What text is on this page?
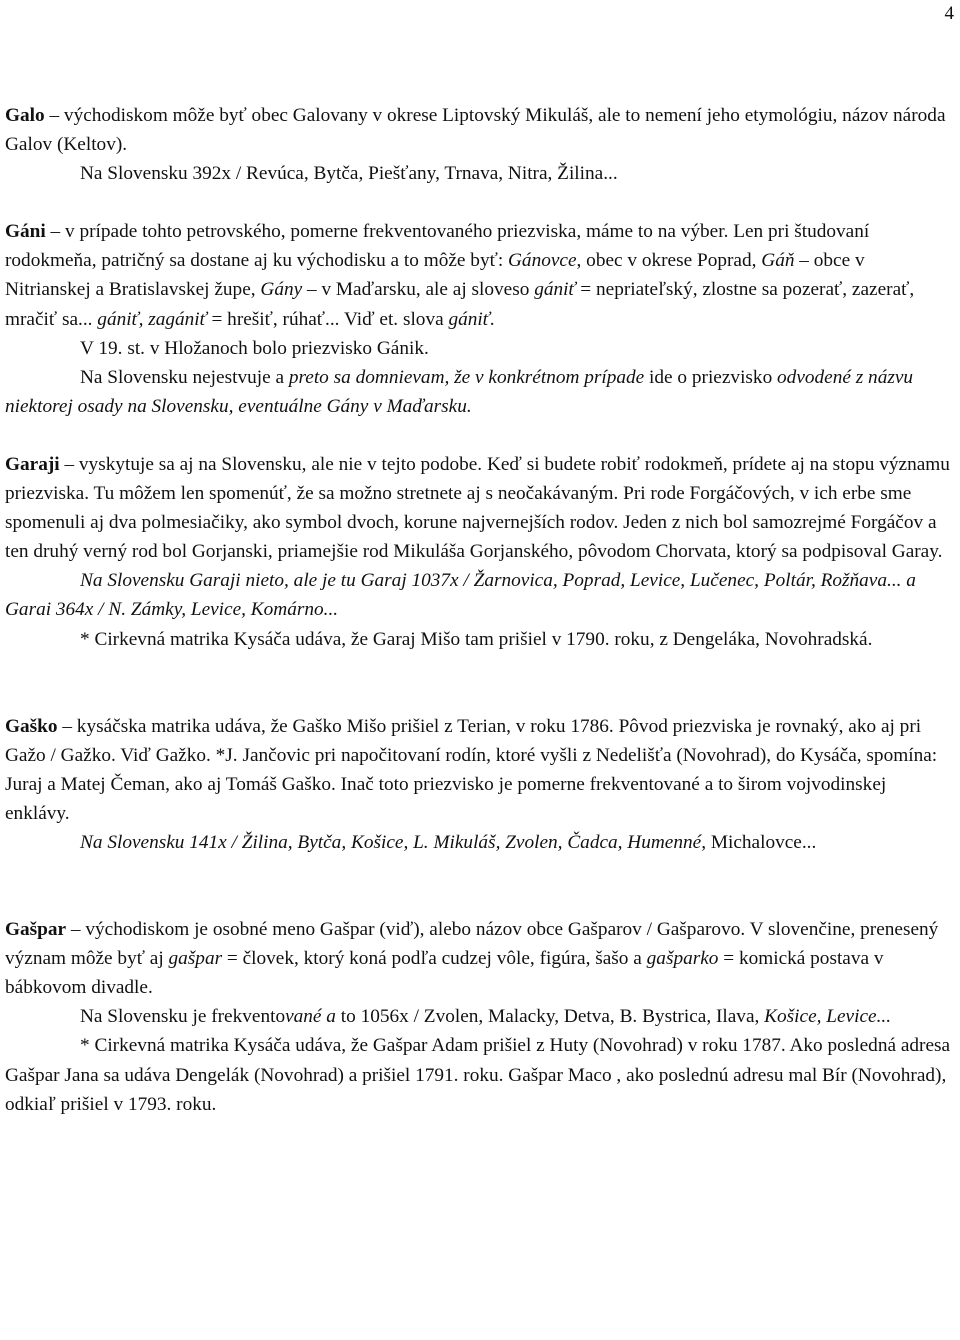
4

Galo – východiskom môže byť obec Galovany v okrese Liptovský Mikuláš, ale to nemení jeho etymológiu, názov národa Galov (Keltov).

Na Slovensku 392x / Revúca, Bytča, Piešťany, Trnava, Nitra, Žilina...

Gáni – v prípade tohto petrovského, pomerne frekventovaného priezviska, máme to na výber. Len pri študovaní rodokmeňa, patričný sa dostane aj ku východisku a to môže byť: Gánovce, obec v okrese Poprad, Gáň – obce v Nitrianskej a Bratislavskej župe, Gány – v Maďarsku, ale aj sloveso gániť = nepriateľský, zlostne sa pozerať, zazerať, mračiť sa... gániť, zagániť = hrešiť, rúhať... Viď et. slova gániť.

V 19. st. v Hložanoch bolo priezvisko Gánik.

Na Slovensku nejestvuje a preto sa domnievam, že v konkrétnom prípade ide o priezvisko odvodené z názvu niektorej osady na Slovensku, eventuálne Gány v Maďarsku.

Garaji – vyskytuje sa aj na Slovensku, ale nie v tejto podobe. Keď si budete robiť rodokmeň, prídete aj na stopu významu priezviska. Tu môžem len spomenúť, že sa možno stretnete aj s neočakávaným. Pri rode Forgáčových, v ich erbe sme spomenuli aj dva polmesiačiky, ako symbol dvoch, korune najvernejších rodov. Jeden z nich bol samozrejmé Forgáčov a ten druhý verný rod bol Gorjanski, priamejšie rod Mikuláša Gorjanského, pôvodom Chorvata, ktorý sa podpisoval Garay.

Na Slovensku Garaji nieto, ale je tu Garaj 1037x / Žarnovica, Poprad, Levice, Lučenec, Poltár, Rožňava... a Garai 364x / N. Zámky, Levice, Komárno...

* Cirkevná matrika Kysáča udáva, že Garaj Mišo tam prišiel v 1790. roku, z Dengeláka, Novohradská.

Gaško – kysáčska matrika udáva, že Gaško Mišo prišiel z Terian, v roku 1786. Pôvod priezviska je rovnaký, ako aj pri Gažo / Gažko. Viď Gažko. *J. Jančovic pri napočitovaní rodín, ktoré vyšli z Nedelišťa (Novohrad), do Kysáča, spomína: Juraj a Matej Čeman, ako aj Tomáš Gaško. Inač toto priezvisko je pomerne frekventované a to širom vojvodinskej enklávy.

Na Slovensku 141x / Žilina, Bytča, Košice, L. Mikuláš, Zvolen, Čadca, Humenné, Michalovce...

Gašpar – východiskom je osobné meno Gašpar (viď), alebo názov obce Gašparov / Gašparovo. V slovenčine, prenesený význam môže byť aj gašpar = človek, ktorý koná podľa cudzej vôle, figúra, šašo a gašparko = komická postava v bábkovom divadle.

Na Slovensku je frekventované a to 1056x / Zvolen, Malacky, Detva, B. Bystrica, Ilava, Košice, Levice...

* Cirkevná matrika Kysáča udáva, že Gašpar Adam prišiel z Huty (Novohrad) v roku 1787. Ako posledná adresa Gašpar Jana sa udáva Dengelák (Novohrad) a prišiel 1791. roku. Gašpar Maco , ako poslednú adresu mal Bír (Novohrad), odkiaľ prišiel v 1793. roku.
